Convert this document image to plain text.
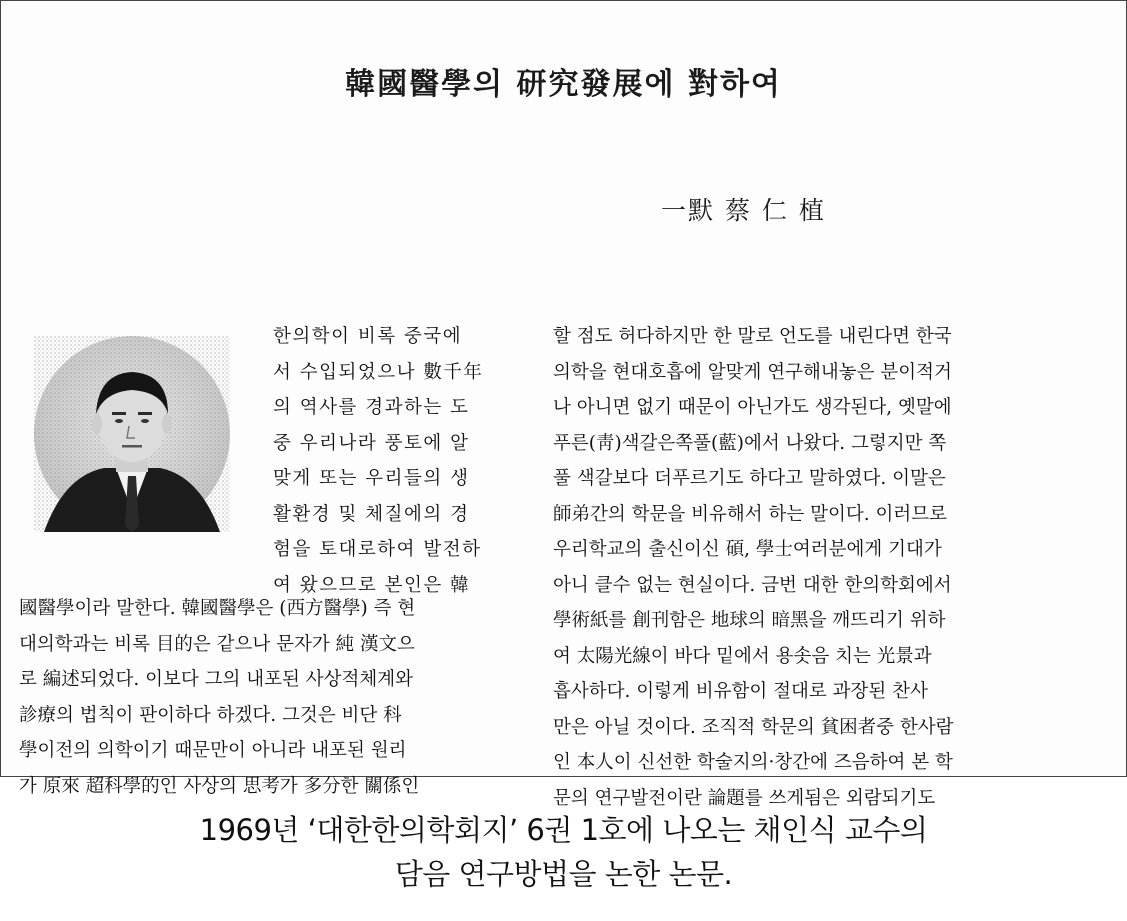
韓國醫學의 研究發展에 對하여
一默 蔡 仁 植
한의학이 비록 중국에
서 수입되었으나 數千年
의 역사를 경과하는 도
중 우리나라 풍토에 알
맞게 또는 우리들의 생
활환경 및 체질에의 경
험을 토대로하여 발전하
여 왔으므로 본인은 韓
國醫學이라 말한다. 韓國醫學은 (西方醫學) 즉 현
대의학과는 비록 目的은 같으나 문자가 純 漢文으
로 編述되었다. 이보다 그의 내포된 사상적체계와
診療의 법칙이 판이하다 하겠다. 그것은 비단 科
學이전의 의학이기 때문만이 아니라 내포된 원리
가 原來 超科學的인 사상의 思考가 多分한 關係인
할 점도 허다하지만 한 말로 언도를 내린다면 한국
의학을 현대호흡에 알맞게 연구해내놓은 분이적거
나 아니면 없기 때문이 아닌가도 생각된다, 옛말에
푸른(靑)색갈은쪽풀(藍)에서 나왔다. 그렇지만 쪽
풀 색갈보다 더푸르기도 하다고 말하였다. 이말은
師弟간의 학문을 비유해서 하는 말이다. 이러므로
우리학교의 출신이신 碩, 學士여러분에게 기대가
아니 클수 없는 현실이다. 금번 대한 한의학회에서
學術紙를 創刊함은 地球의 暗黑을 깨뜨리기 위하
여 太陽光線이 바다 밑에서 용솟음 치는 光景과
흡사하다. 이렇게 비유함이 절대로 과장된 찬사
만은 아닐 것이다. 조직적 학문의 貧困者중 한사람
인 本人이 신선한 학술지의·창간에 즈음하여 본 학
문의 연구발전이란 論題를 쓰게됨은 외람되기도
1969년 ‘대한한의학회지’ 6권 1호에 나오는 채인식 교수의
담음 연구방법을 논한 논문.
